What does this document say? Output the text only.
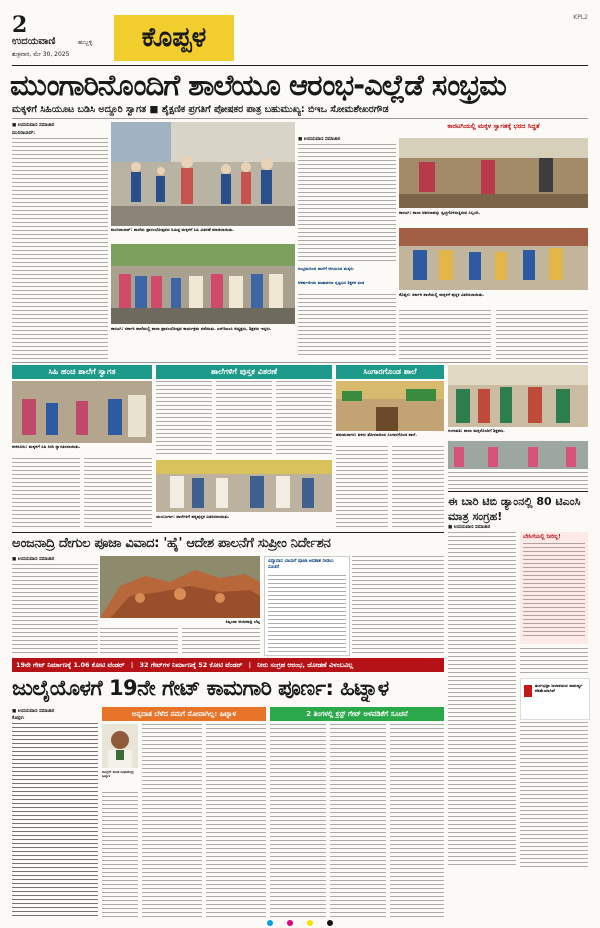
2
ಉದಯವಾಣಿ	ಹುಬ್ಬಳ್ಳಿ
ಶುಕ್ರವಾರ, ಮೇ 30, 2025
ಕೊಪ್ಪಳ
KPL2
ಮುಂಗಾರಿನೊಂದಿಗೆ ಶಾಲೆಯೂ ಆರಂಭ-ಎಲ್ಲೆಡೆ ಸಂಭ್ರಮ
ಮಕ್ಕಳಿಗೆ ಸಿಹಿಯೂಟ ಬಡಿಸಿ ಅದ್ದೂರಿ ಸ್ವಾಗತ ■ ಶೈಕ್ಷಣಿಕ ಪ್ರಗತಿಗೆ ಪೋಷಕರ ಪಾತ್ರ ಬಹುಮುಖ್ಯ: ಬಿಇಒ ಸೋಮಶೇಖರಗೌಡ
■ ಉದಯವಾಣಿ ಸಮಾಚಾರ
ಮುನಿರಾಬಾದ್:
ಮುನಿರಾಬಾದ್: ಶಾಲೆಯ ಪ್ರಾರಂಭೋತ್ಸವದ ನಿಮಿತ್ತ ಮಕ್ಕಳಿಗೆ ಸಿಹಿ ವಿತರಣೆ ಮಾಡಲಾಯಿತು.
ಕಾರಟಗಿ: ಸರ್ಕಾರಿ ಶಾಲೆಯಲ್ಲಿ ಶಾಲಾ ಪ್ರಾರಂಭೋತ್ಸವ ಕಾರ್ಯಕ್ರಮ ನಡೆಯಿತು. ಎಸ್‌ಡಿಎಂಸಿ ಅಧ್ಯಕ್ಷರು, ಶಿಕ್ಷಕರು ಇದ್ದರು.
■ ಉದಯವಾಣಿ ಸಮಾಚಾರ
ಸಂಭ್ರಮದಿಂದ ಶಾಲೆಗೆ ಆಗಮಿಸಿದ ಮಕ್ಕಳು
ಆಕರ್ಷಣೀಯ ವಾತಾವರಣ ಸೃಷ್ಟಿಸಿದ ಶಿಕ್ಷಕರ ತಂಡ
ಕಾರಟಗಿಯಲ್ಲಿ ಮಕ್ಕಳ ಸ್ವಾಗತಕ್ಕೆ ಭರದ ಸಿದ್ಧತೆ
ಕಾರಟಗಿ: ಶಾಲಾ ಆವರಣವನ್ನು ಸ್ವಚ್ಛಗೊಳಿಸುತ್ತಿರುವ ಸಿಬ್ಬಂದಿ.
ಕೊಪ್ಪಳ: ಸರ್ಕಾರಿ ಶಾಲೆಯಲ್ಲಿ ಮಕ್ಕಳಿಗೆ ಪುಸ್ತಕ ವಿತರಿಸಲಾಯಿತು.
ಸಿಹಿ ಹಂಚಿ ಶಾಲೆಗೆ ಸ್ವಾಗತ	ಶಾಲೆಗಳಿಗೆ ಪುಸ್ತಕ ವಿತರಣೆ	ಸಿಂಗಾರಗೊಂಡ ಶಾಲೆ
ಕುಕನೂರು: ಮಕ್ಕಳಿಗೆ ಸಿಹಿ ನೀಡಿ ಸ್ವಾಗತಿಸಲಾಯಿತು.
ಯಲಬುರ್ಗಾ: ಶಾಲೆಗಳಿಗೆ ಪಠ್ಯಪುಸ್ತಕ ವಿತರಿಸಲಾಯಿತು.
ಹನುಮಸಾಗರ: ತಳಿರು ತೋರಣದಿಂದ ಸಿಂಗಾರಗೊಂಡ ಶಾಲೆ.
ಗಂಗಾವತಿ: ಶಾಲಾ ಮಕ್ಕಳೊಂದಿಗೆ ಶಿಕ್ಷಕರು.
ಈ ಬಾರಿ ಟಿಬಿ ಡ್ಯಾಂನಲ್ಲಿ 80 ಟಿಎಂಸಿ ಮಾತ್ರ ಸಂಗ್ರಹ!
■ ಉದಯವಾಣಿ ಸಮಾಚಾರ
ಬೇಸಿಗೆಯಲ್ಲಿ ನೀರಿಲ್ಲ!
ತುಂಗಭದ್ರಾ ಜಲಾಶಯದ ಸಾಮರ್ಥ್ಯ ಕಡಿಮೆಯಾಗಿದೆ
ಅಂಜನಾದ್ರಿ ದೇಗುಲ ಪೂಜಾ ವಿವಾದ: 'ಹೈ' ಆದೇಶ ಪಾಲನೆಗೆ ಸುಪ್ರೀಂ ನಿರ್ದೇಶನ
■ ಉದಯವಾಣಿ ಸಮಾಚಾರ
ಕಿಷ್ಕಿಂದಾ ಅಂಜನಾದ್ರಿ ಬೆಟ್ಟ
ವಿದ್ಯಾದಾಸ ಬಾಬಾಗೆ ಪೂಜಾ ಅವಕಾಶ ನೀಡಲು ಸೂಚನೆ
19ನೇ ಗೇಟ್ ನಿರ್ಮಾಣಕ್ಕೆ 1.06 ಕೋಟಿ ಟೆಂಡರ್ | 32 ಗೇಟ್‌ಗಳ ನಿರ್ಮಾಣಕ್ಕೆ 52 ಕೋಟಿ ಟೆಂಡರ್ | ನೀರು ಸಂಗ್ರಹ ಆರಂಭ, ಜೋಡಣೆ ವಿಳಂಬವಿಲ್ಲ
ಜುಲೈಯೊಳಗೆ 19ನೇ ಗೇಟ್ ಕಾಮಗಾರಿ ಪೂರ್ಣ: ಹಿಟ್ನಾಳ
■ ಉದಯವಾಣಿ ಸಮಾಚಾರ
ಕೊಪ್ಪಳ:
ಅನ್ನದಾತ ಬೆಳೆದ ನಮಗೆ ನೋವಾಗಿಲ್ಲ: ಹಿಟ್ನಾಳ
ಕಾಂಗ್ರೆಸ್ ಶಾಸಕ ರಾಘವೇಂದ್ರ ಹಿಟ್ನಾಳ
2 ತಿಂಗಳಲ್ಲಿ ಕ್ರಸ್ಟ್ ಗೇಟ್ ಅಳವಡಿಕೆಗೆ ಸೂಚನೆ
